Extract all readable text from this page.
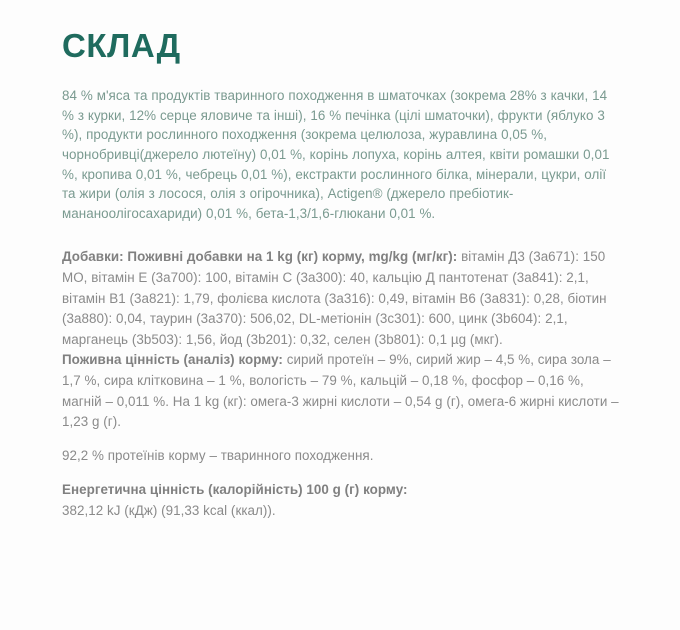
СКЛАД

84 % м'яса та продуктів тваринного походження в шматочках (зокрема 28% з качки, 14 % з курки, 12% серце яловиче та інші), 16 % печінка (цілі шматочки), фрукти (яблуко 3 %), продукти рослинного походження (зокрема целюлоза, журавлина 0,05 %, чорнобривці(джерело лютеїну) 0,01 %, корінь лопуха, корінь алтея, квіти ромашки 0,01 %, кропива 0,01 %, чебрець 0,01 %), екстракти рослинного білка, мінерали, цукри, олії та жири (олія з лосося, олія з огірочника), Actigen® (джерело пребіотик-мананоолігосахариди) 0,01 %, бета-1,3/1,6-глюкани 0,01 %.

Добавки: Поживні добавки на 1 kg (кг) корму, mg/kg (мг/кг): вітамін Д3 (3а671): 150 МО, вітамін Е (3а700): 100, вітамін С (3а300): 40, кальцію Д пантотенат (3а841): 2,1, вітамін В1 (3а821): 1,79, фолієва кислота (3а316): 0,49, вітамін В6 (3а831): 0,28, біотин (3а880): 0,04, таурин (3а370): 506,02, DL-метіонін (3с301): 600, цинк (3b604): 2,1, марганець (3b503): 1,56, йод (3b201): 0,32, селен (3b801): 0,1 µg (мкг).

Поживна цінність (аналіз) корму: сирий протеїн – 9%, сирий жир – 4,5 %, сира зола – 1,7 %, сира клітковина – 1 %, вологість – 79 %, кальцій – 0,18 %, фосфор – 0,16 %, магній – 0,011 %. На 1 kg (кг): омега-3 жирні кислоти – 0,54 g (г), омега-6 жирні кислоти – 1,23 g (г).

92,2 % протеїнів корму – тваринного походження.

Енергетична цінність (калорійність) 100 g (г) корму:
382,12 kJ (кДж) (91,33 kcal (ккал)).
